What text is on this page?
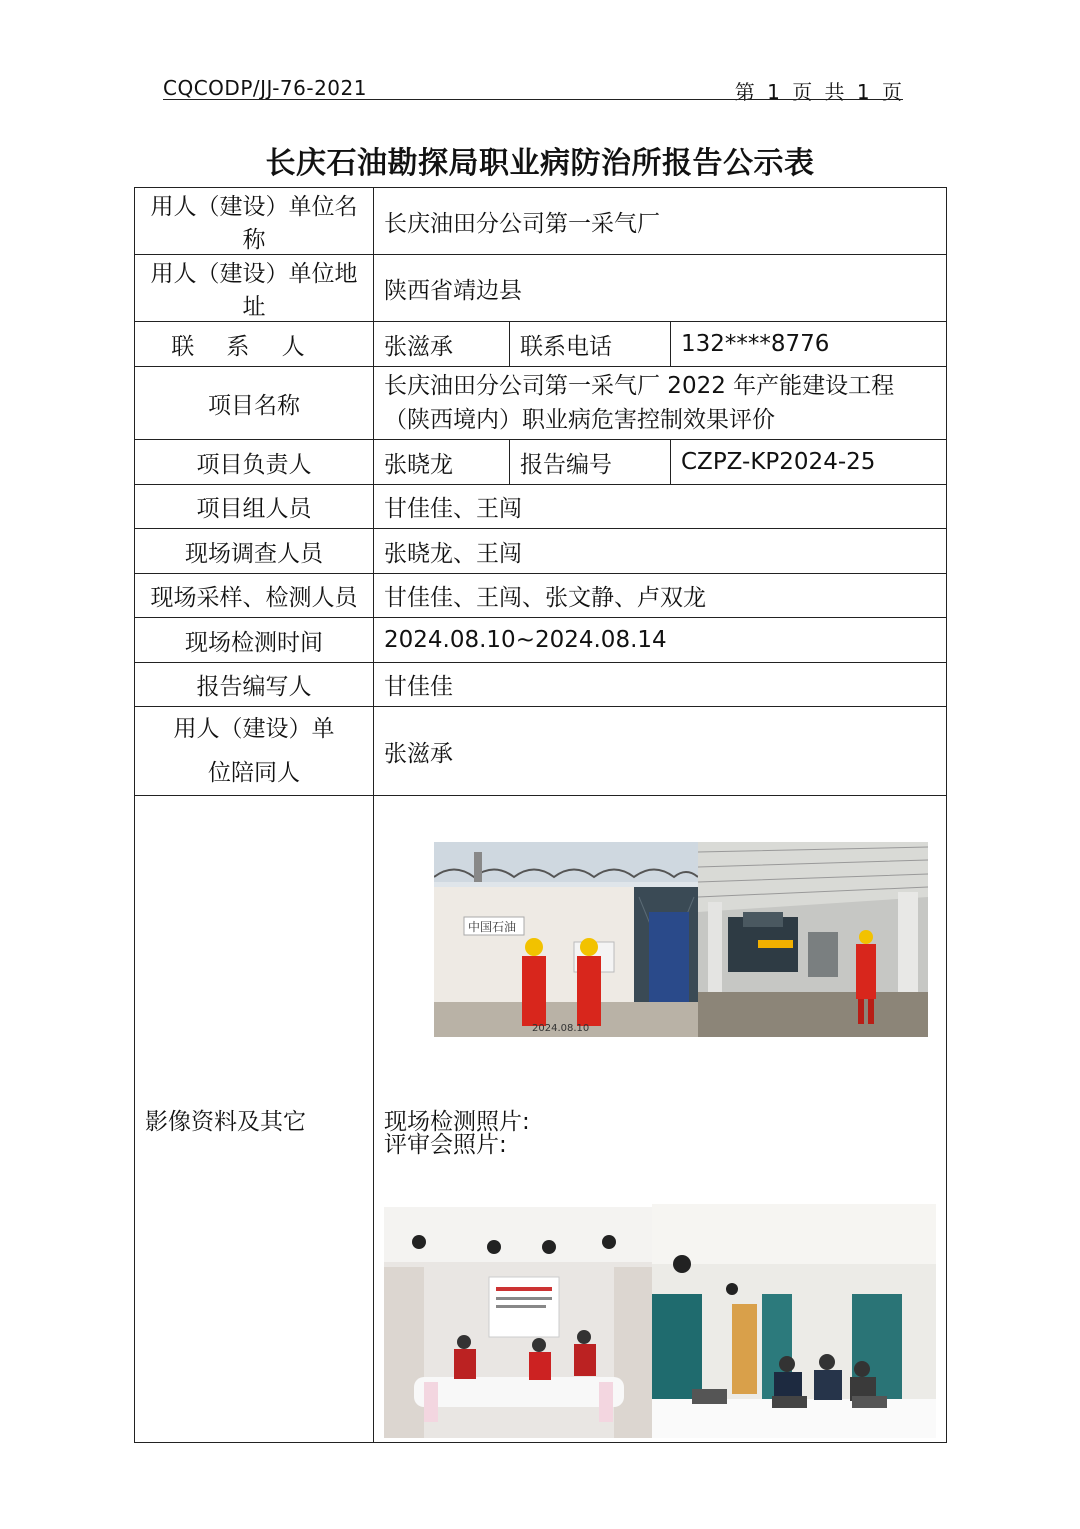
CQCODP/JJ-76-2021	第 1 页 共 1 页
长庆石油勘探局职业病防治所报告公示表
用人（建设）单位名称	长庆油田分公司第一采气厂		
用人（建设）单位地址	陕西省靖边县		
联系人	张滋承	联系电话	132****8776
项目名称	长庆油田分公司第一采气厂 2022 年产能建设工程（陕西境内）职业病危害控制效果评价		
项目负责人	张晓龙	报告编号	CZPZ-KP2024-25
项目组人员	甘佳佳、王闯		
现场调查人员	张晓龙、王闯		
现场采样、检测人员	甘佳佳、王闯、张文静、卢双龙		
现场检测时间	2024.08.10~2024.08.14		
报告编写人	甘佳佳		
用人（建设）单位陪同人	张滋承		
影像资料及其它	现场检测照片:
中国石油
2024.08.10
评审会照片:		
